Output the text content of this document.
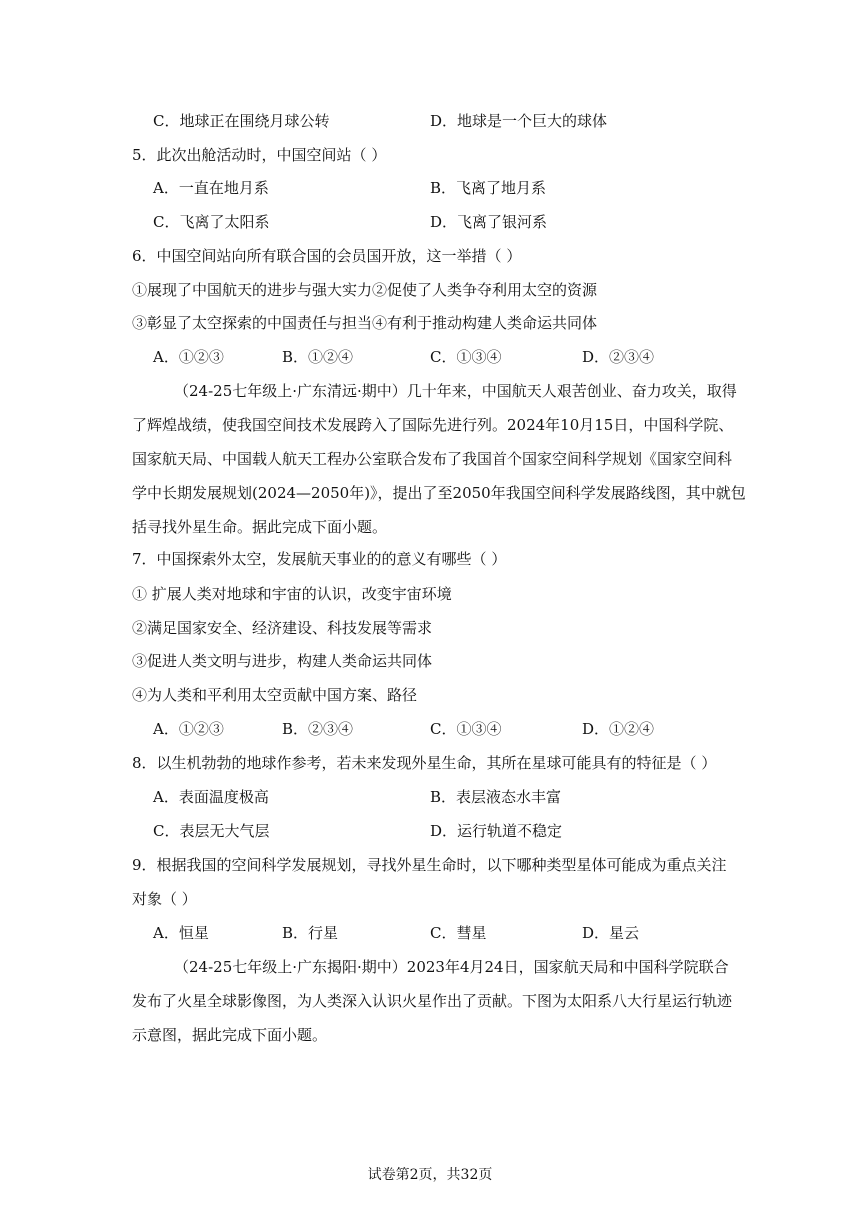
C．地球正在围绕月球公转	D．地球是一个巨大的球体
5．此次出舱活动时，中国空间站（ ）
A．一直在地月系	B．飞离了地月系
C．飞离了太阳系	D．飞离了银河系
6．中国空间站向所有联合国的会员国开放，这一举措（ ）
①展现了中国航天的进步与强大实力②促使了人类争夺利用太空的资源
③彰显了太空探索的中国责任与担当④有利于推动构建人类命运共同体
A．①②③	B．①②④	C．①③④	D．②③④
（24-25七年级上·广东清远·期中）几十年来，中国航天人艰苦创业、奋力攻关，取得
了辉煌战绩，使我国空间技术发展跨入了国际先进行列。2024年10月15日，中国科学院、
国家航天局、中国载人航天工程办公室联合发布了我国首个国家空间科学规划《国家空间科
学中长期发展规划(2024—2050年)》，提出了至2050年我国空间科学发展路线图，其中就包
括寻找外星生命。据此完成下面小题。
7．中国探索外太空，发展航天事业的的意义有哪些（ ）
① 扩展人类对地球和宇宙的认识，改变宇宙环境
②满足国家安全、经济建设、科技发展等需求
③促进人类文明与进步，构建人类命运共同体
④为人类和平利用太空贡献中国方案、路径
A．①②③	B．②③④	C．①③④	D．①②④
8．以生机勃勃的地球作参考，若未来发现外星生命，其所在星球可能具有的特征是（ ）
A．表面温度极高	B．表层液态水丰富
C．表层无大气层	D．运行轨道不稳定
9．根据我国的空间科学发展规划，寻找外星生命时，以下哪种类型星体可能成为重点关注
对象（ ）
A．恒星	B．行星	C．彗星	D．星云
（24-25七年级上·广东揭阳·期中）2023年4月24日，国家航天局和中国科学院联合
发布了火星全球影像图，为人类深入认识火星作出了贡献。下图为太阳系八大行星运行轨迹
示意图，据此完成下面小题。
试卷第2页，共32页
